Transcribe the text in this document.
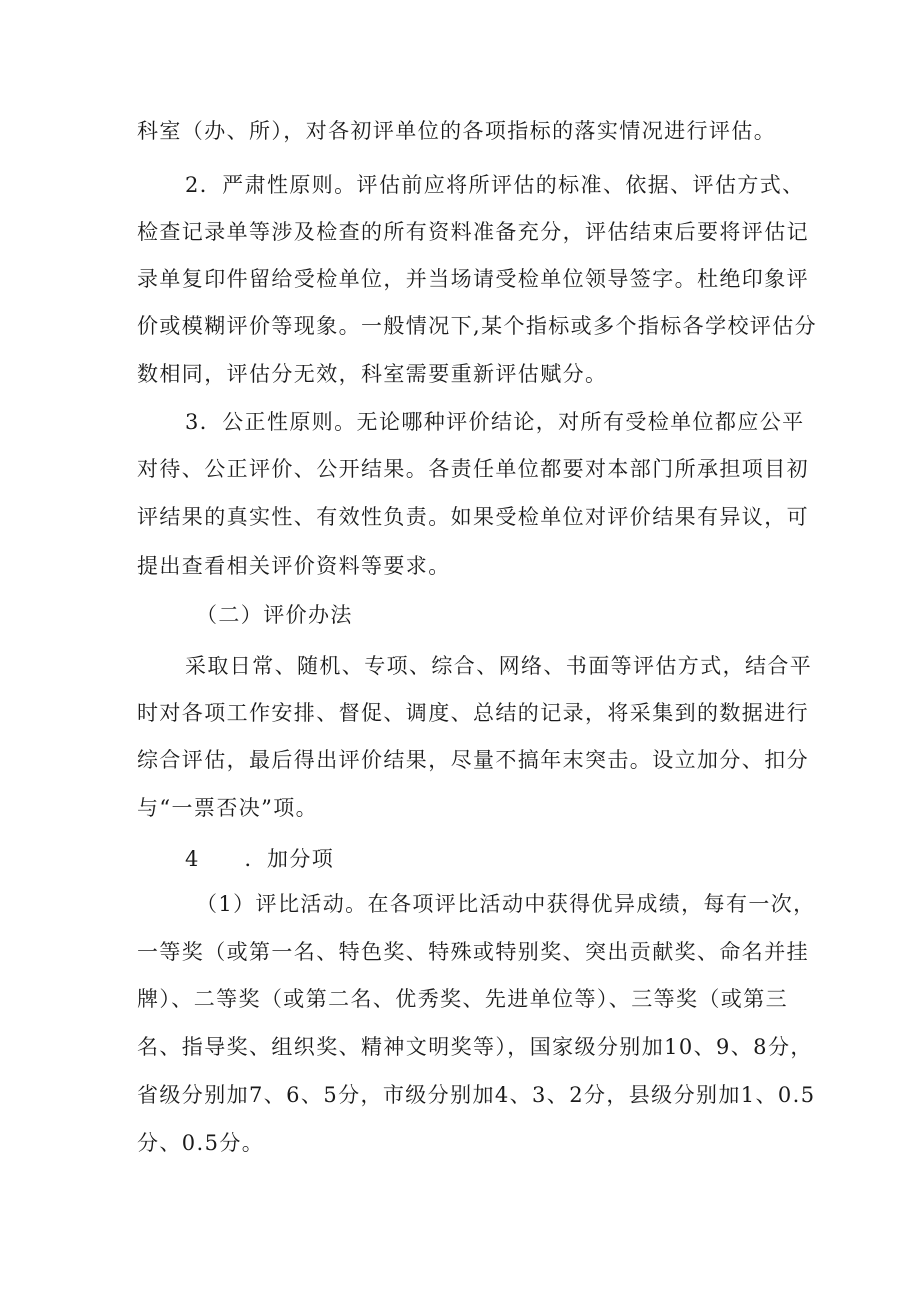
科室（办、所），对各初评单位的各项指标的落实情况进行评估。
2．严肃性原则。评估前应将所评估的标准、依据、评估方式、
检查记录单等涉及检查的所有资料准备充分，评估结束后要将评估记
录单复印件留给受检单位，并当场请受检单位领导签字。杜绝印象评
价或模糊评价等现象。一般情况下,某个指标或多个指标各学校评估分
数相同，评估分无效，科室需要重新评估赋分。
3．公正性原则。无论哪种评价结论，对所有受检单位都应公平
对待、公正评价、公开结果。各责任单位都要对本部门所承担项目初
评结果的真实性、有效性负责。如果受检单位对评价结果有异议，可
提出查看相关评价资料等要求。
（二）评价办法
采取日常、随机、专项、综合、网络、书面等评估方式，结合平
时对各项工作安排、督促、调度、总结的记录，将采集到的数据进行
综合评估，最后得出评价结果，尽量不搞年末突击。设立加分、扣分
与“一票否决”项。
4　　．加分项
（1）评比活动。在各项评比活动中获得优异成绩，每有一次，
一等奖（或第一名、特色奖、特殊或特别奖、突出贡献奖、命名并挂
牌）、二等奖（或第二名、优秀奖、先进单位等）、三等奖（或第三
名、指导奖、组织奖、精神文明奖等），国家级分别加10、9、8分，
省级分别加7、6、5分，市级分别加4、3、2分，县级分别加1、0.5
分、0.5分。
